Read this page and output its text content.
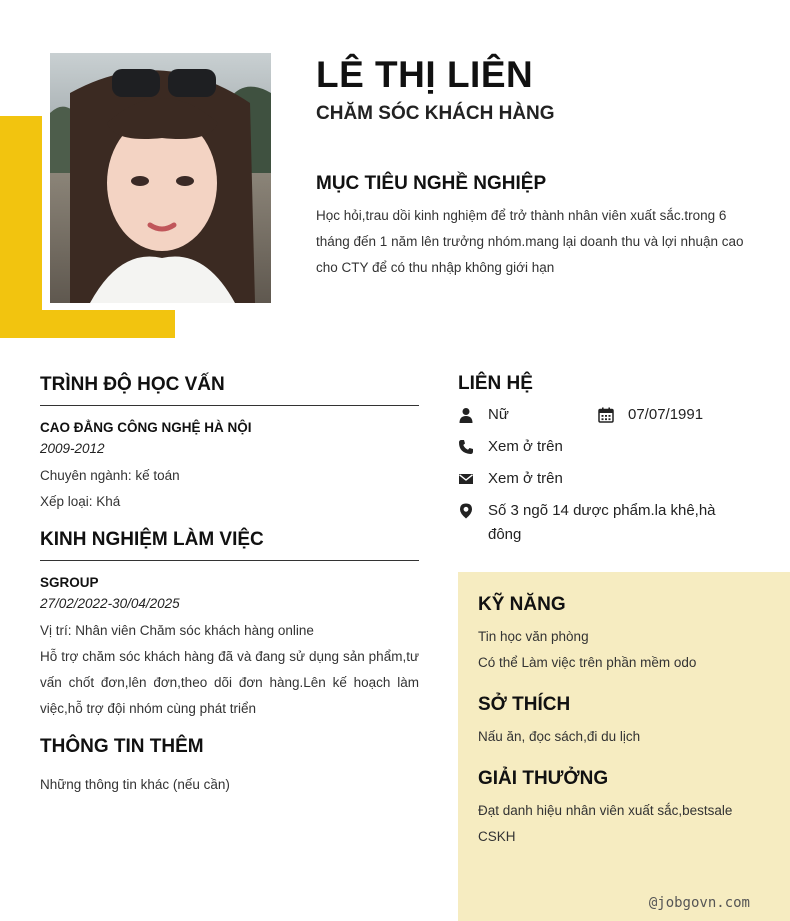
LÊ THỊ LIÊN
CHĂM SÓC KHÁCH HÀNG
MỤC TIÊU NGHỀ NGHIỆP
Học hỏi,trau dồi kinh nghiệm để trở thành nhân viên xuất sắc.trong 6 tháng đến 1 năm lên trưởng nhóm.mang lại doanh thu và lợi nhuận cao cho CTY để có thu nhập không giới hạn
TRÌNH ĐỘ HỌC VẤN
CAO ĐẲNG CÔNG NGHỆ HÀ NỘI
2009-2012
Chuyên ngành: kế toán
Xếp loại: Khá
KINH NGHIỆM LÀM VIỆC
SGROUP
27/02/2022-30/04/2025
Vị trí: Nhân viên Chăm sóc khách hàng online
Hỗ trợ chăm sóc khách hàng đã và đang sử dụng sản phẩm,tư vấn chốt đơn,lên đơn,theo dõi đơn hàng.Lên kế hoạch làm việc,hỗ trợ đội nhóm cùng phát triển
THÔNG TIN THÊM
Những thông tin khác (nếu cần)
LIÊN HỆ
Nữ	07/07/1991
Xem ở trên
Xem ở trên
Số 3 ngõ 14 dược phẩm.la khê,hà đông
KỸ NĂNG
Tin học văn phòng
Có thể Làm việc trên phần mềm odo
SỞ THÍCH
Nấu ăn, đọc sách,đi du lịch
GIẢI THƯỞNG
Đạt danh hiệu nhân viên xuất sắc,bestsale CSKH
@jobgovn.com
